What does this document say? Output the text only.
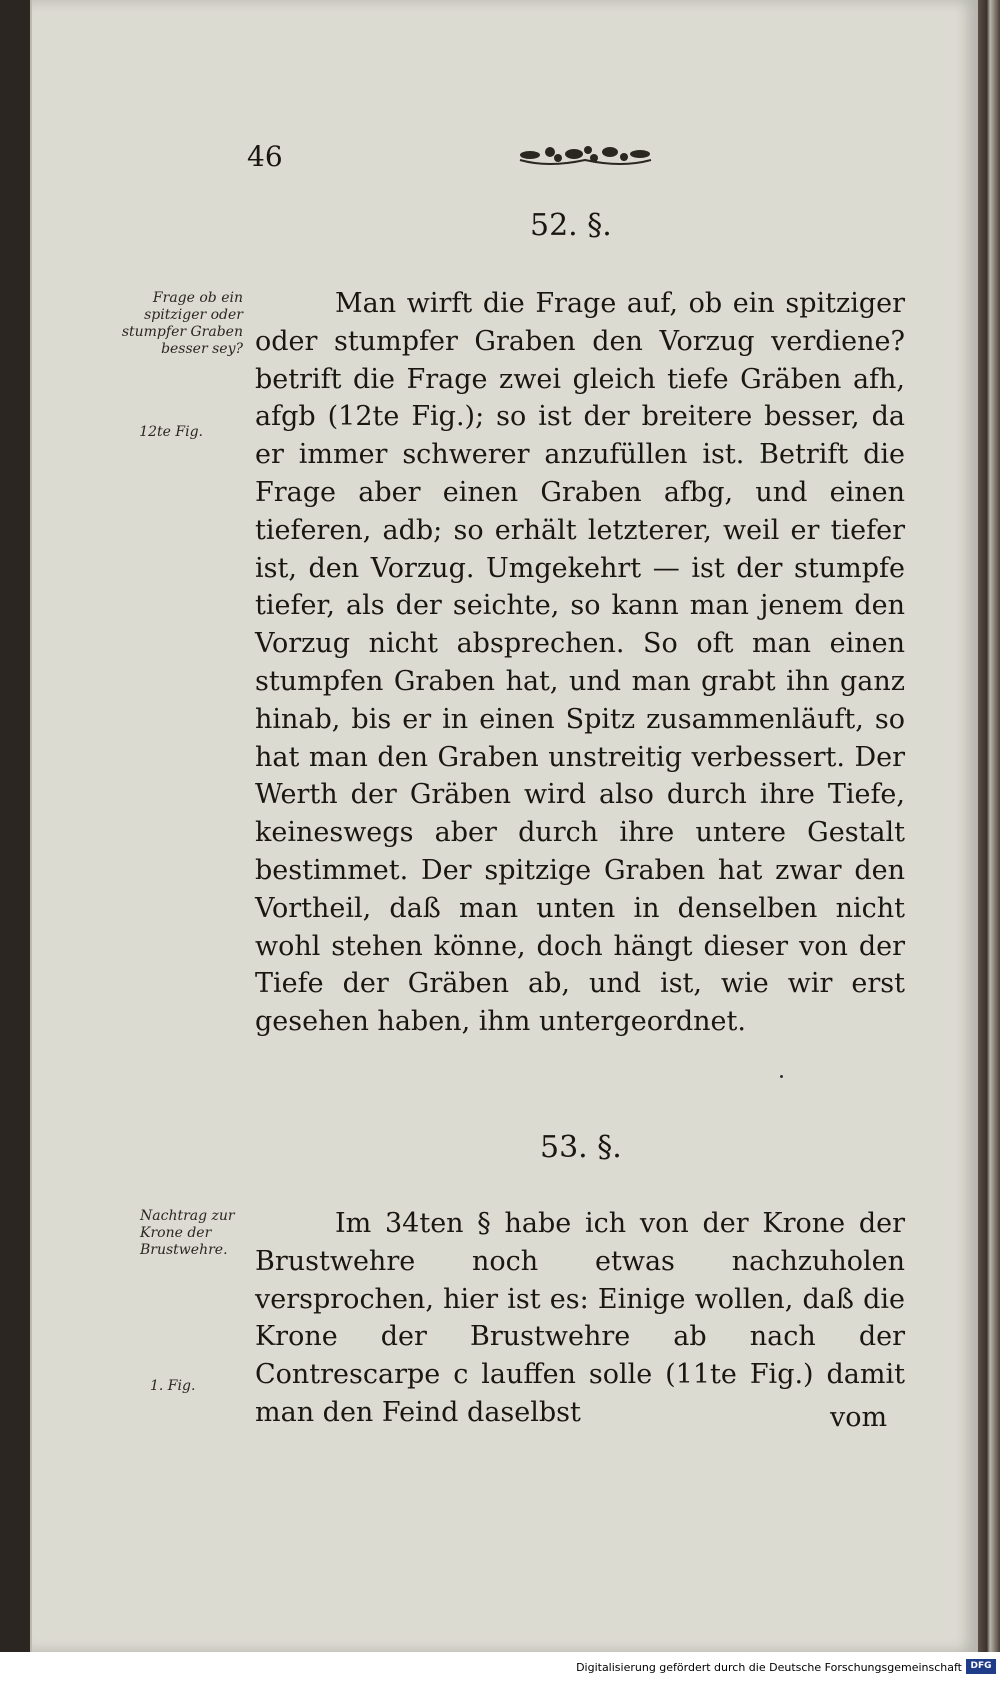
46
52. §.
Frage ob ein spitziger oder stumpfer Graben besser sey?
12te Fig.

Man wirft die Frage auf, ob ein spitziger oder stumpfer Graben den Vorzug verdiene? betrift die Frage zwei gleich tiefe Gräben afh, afgb (12te Fig.); so ist der breitere besser, da er immer schwerer anzufüllen ist. Betrift die Frage aber einen Graben afbg, und einen tieferen, adb; so erhält letzterer, weil er tiefer ist, den Vorzug. Umgekehrt — ist der stumpfe tiefer, als der seichte, so kann man jenem den Vorzug nicht absprechen. So oft man einen stumpfen Graben hat, und man grabt ihn ganz hinab, bis er in einen Spitz zusammenläuft, so hat man den Graben unstreitig verbessert. Der Werth der Gräben wird also durch ihre Tiefe, keineswegs aber durch ihre untere Gestalt bestimmet. Der spitzige Graben hat zwar den Vortheil, daß man unten in denselben nicht wohl stehen könne, doch hängt dieser von der Tiefe der Gräben ab, und ist, wie wir erst gesehen haben, ihm untergeordnet.

53. §.
Nachtrag zur Krone der Brustwehre.
1. Fig.

Im 34ten § habe ich von der Krone der Brustwehre noch etwas nachzuholen versprochen, hier ist es: Einige wollen, daß die Krone der Brustwehre ab nach der Contrescarpe c lauffen solle (11te Fig.) damit man den Feind daselbst	vom
Digitalisierung gefördert durch die Deutsche Forschungsgemeinschaft DFG
